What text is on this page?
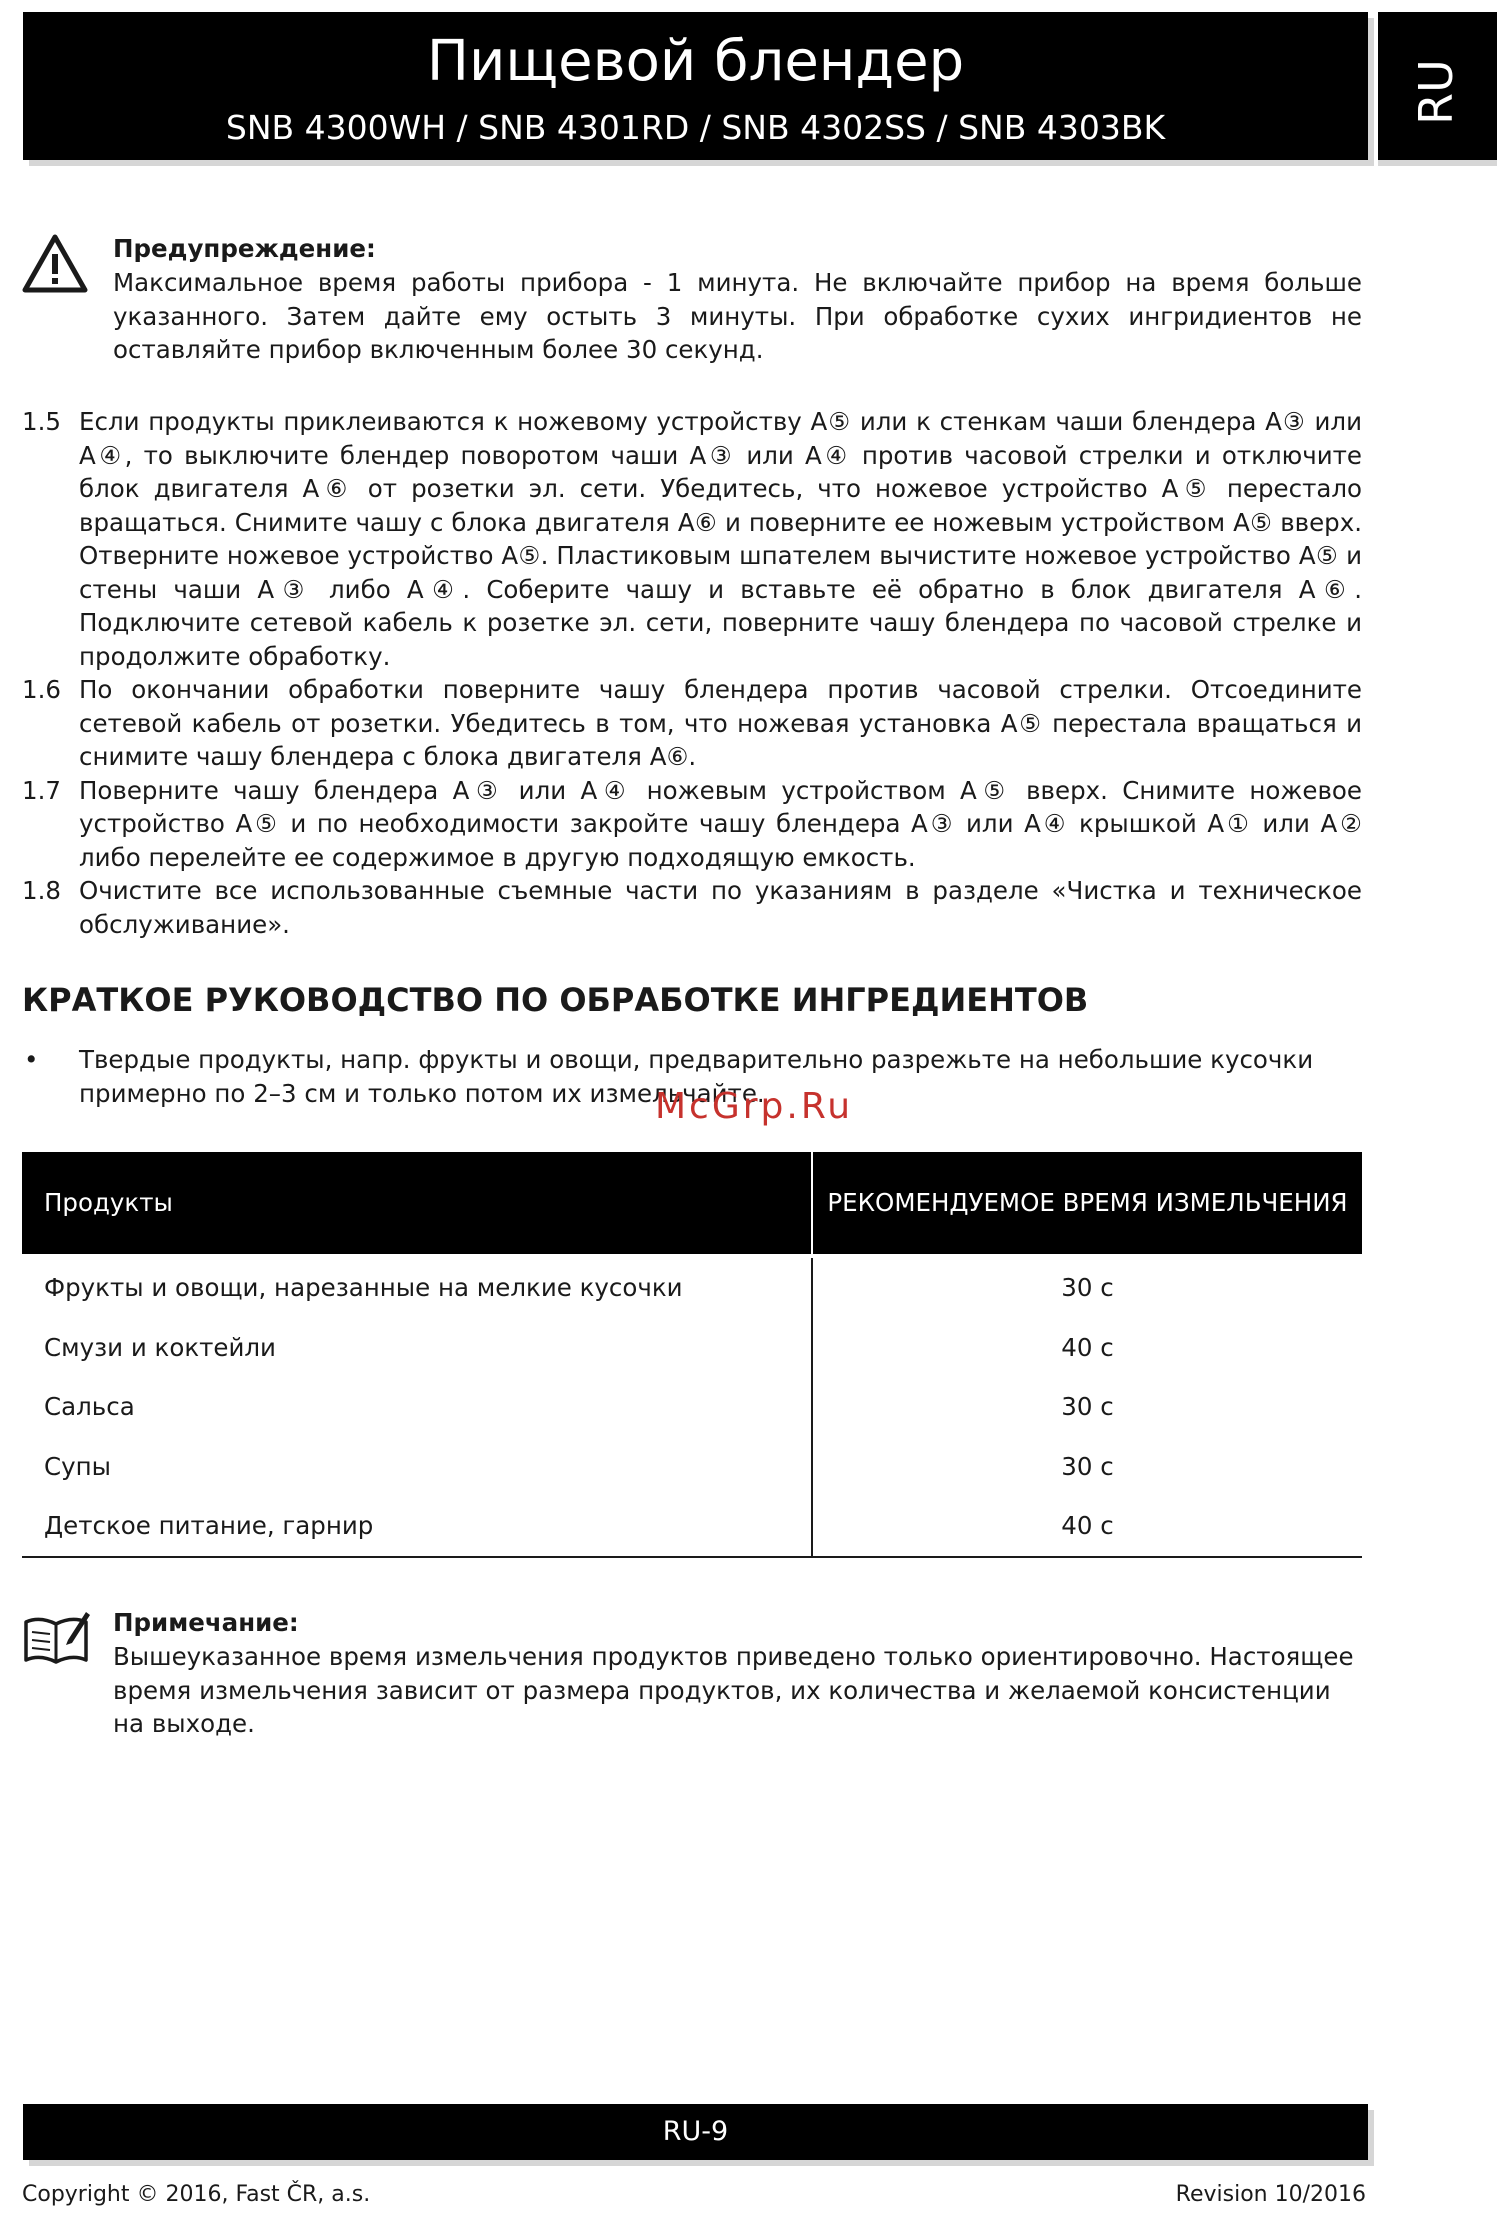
Пищевой блендер
SNB 4300WH / SNB 4301RD / SNB 4302SS / SNB 4303BK
RU
Предупреждение:
Максимальное время работы прибора - 1 минута. Не включайте прибор на время больше указанного. Затем дайте ему остыть 3 минуты. При обработке сухих ингридиентов не оставляйте прибор включенным более 30 секунд.
1.5 Если продукты приклеиваются к ножевому устройству A⑤ или к стенкам чаши блендера A③ или A④, то выключите блендер поворотом чаши A③ или A④ против часовой стрелки и отключите блок двигателя A⑥ от розетки эл. сети. Убедитесь, что ножевое устройство A⑤ перестало вращаться. Снимите чашу с блока двигателя A⑥ и поверните ее ножевым устройством A⑤ вверх. Отверните ножевое устройство A⑤. Пластиковым шпателем вычистите ножевое устройство A⑤ и стены чаши A③ либо A④. Соберите чашу и вставьте её обратно в блок двигателя A⑥. Подключите сетевой кабель к розетке эл. сети, поверните чашу блендера по часовой стрелке и продолжите обработку.
1.6 По окончании обработки поверните чашу блендера против часовой стрелки. Отсоедините сетевой кабель от розетки. Убедитесь в том, что ножевая установка A⑤ перестала вращаться и снимите чашу блендера с блока двигателя A⑥.
1.7 Поверните чашу блендера A③ или A④ ножевым устройством A⑤ вверх. Снимите ножевое устройство A⑤ и по необходимости закройте чашу блендера A③ или A④ крышкой A① или A② либо перелейте ее содержимое в другую подходящую емкость.
1.8 Очистите все использованные съемные части по указаниям в разделе «Чистка и техническое обслуживание».
КРАТКОЕ РУКОВОДСТВО ПО ОБРАБОТКЕ ИНГРЕДИЕНТОВ
• Твердые продукты, напр. фрукты и овощи, предварительно разрежьте на небольшие кусочки примерно по 2–3 см и только потом их измельчайте.
McGrp.Ru
Продукты	РЕКОМЕНДУЕМОЕ ВРЕМЯ ИЗМЕЛЬЧЕНИЯ
Фрукты и овощи, нарезанные на мелкие кусочки	30 с
Смузи и коктейли	40 с
Сальса	30 с
Супы	30 с
Детское питание, гарнир	40 с
Примечание:
Вышеуказанное время измельчения продуктов приведено только ориентировочно. Настоящее время измельчения зависит от размера продуктов, их количества и желаемой консистенции на выходе.
RU-9
Copyright © 2016, Fast ČR, a.s.	Revision 10/2016
